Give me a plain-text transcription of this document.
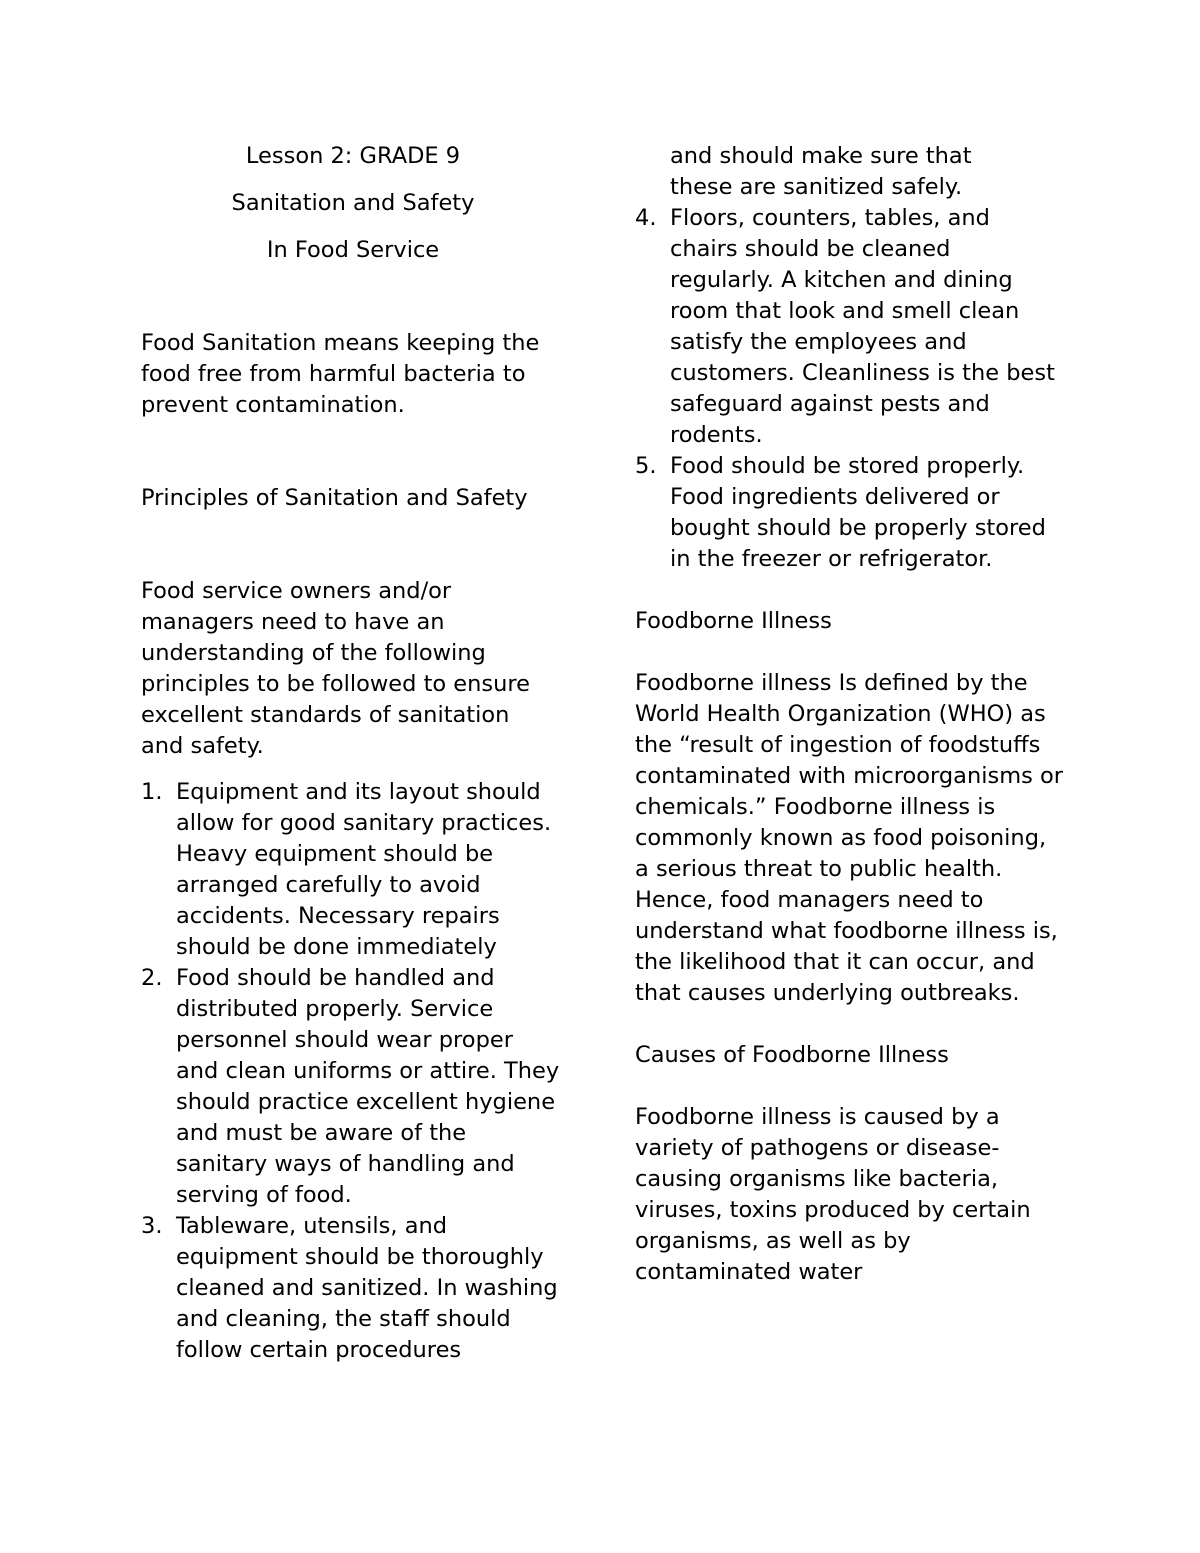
Lesson 2: GRADE 9

Sanitation and Safety

In Food Service

Food Sanitation means keeping the food free from harmful bacteria to prevent contamination.

Principles of Sanitation and Safety

Food service owners and/or managers need to have an understanding of the following principles to be followed to ensure excellent standards of sanitation and safety.

1. Equipment and its layout should allow for good sanitary practices. Heavy equipment should be arranged carefully to avoid accidents. Necessary repairs should be done immediately
2. Food should be handled and distributed properly. Service personnel should wear proper and clean uniforms or attire. They should practice excellent hygiene and must be aware of the sanitary ways of handling and serving of food.
3. Tableware, utensils, and equipment should be thoroughly cleaned and sanitized. In washing and cleaning, the staff should follow certain procedures

and should make sure that these are sanitized safely.

4. Floors, counters, tables, and chairs should be cleaned regularly. A kitchen and dining room that look and smell clean satisfy the employees and customers. Cleanliness is the best safeguard against pests and rodents.
5. Food should be stored properly. Food ingredients delivered or bought should be properly stored in the freezer or refrigerator.

Foodborne Illness

Foodborne illness Is defined by the World Health Organization (WHO) as the “result of ingestion of foodstuffs contaminated with microorganisms or chemicals.” Foodborne illness is commonly known as food poisoning, a serious threat to public health. Hence, food managers need to understand what foodborne illness is, the likelihood that it can occur, and that causes underlying outbreaks.

Causes of Foodborne Illness

Foodborne illness is caused by a variety of pathogens or disease-causing organisms like bacteria, viruses, toxins produced by certain organisms, as well as by contaminated water
